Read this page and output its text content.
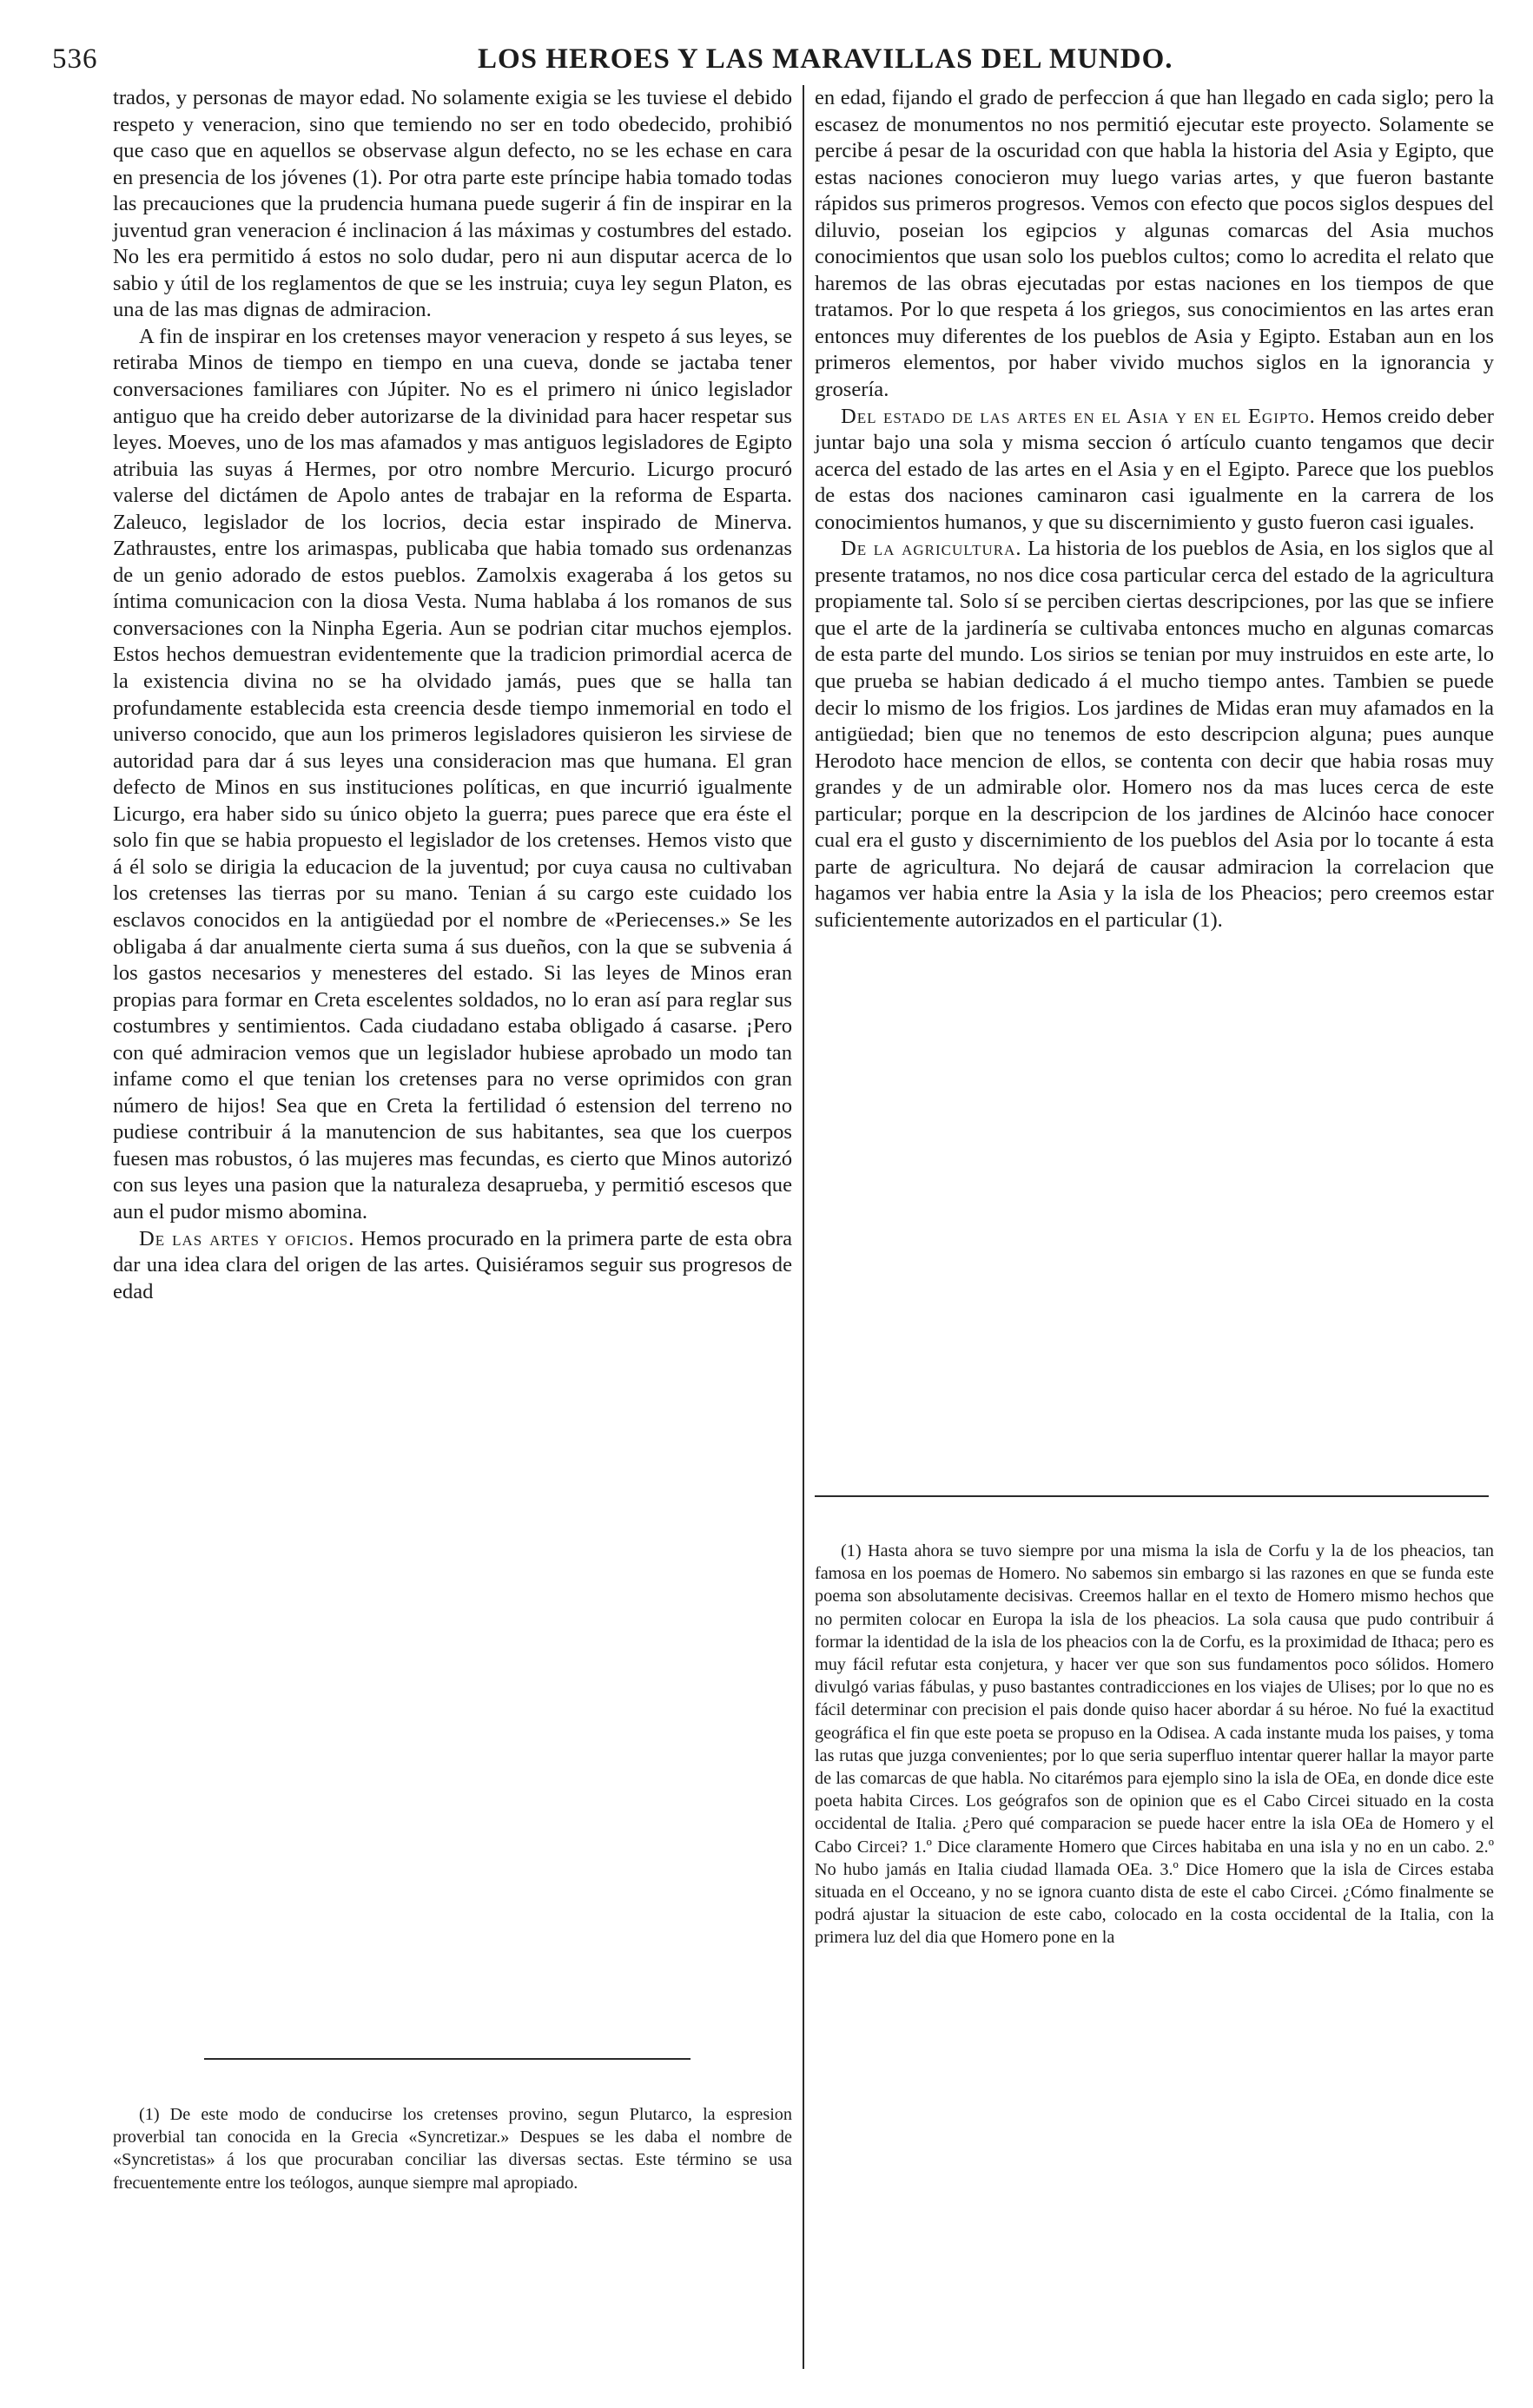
536	LOS HEROES Y LAS MARAVILLAS DEL MUNDO.

trados, y personas de mayor edad. No solamente exigia se les tuviese el debido respeto y veneracion, sino que temiendo no ser en todo obedecido, prohibió que caso que en aquellos se observase algun defecto, no se les echase en cara en presencia de los jóvenes (1). Por otra parte este príncipe habia tomado todas las precauciones que la prudencia humana puede sugerir á fin de inspirar en la juventud gran veneracion é inclinacion á las máximas y costumbres del estado. No les era permitido á estos no solo dudar, pero ni aun disputar acerca de lo sabio y útil de los reglamentos de que se les instruia; cuya ley segun Platon, es una de las mas dignas de admiracion.

A fin de inspirar en los cretenses mayor veneracion y respeto á sus leyes, se retiraba Minos de tiempo en tiempo en una cueva, donde se jactaba tener conversaciones familiares con Júpiter. No es el primero ni único legislador antiguo que ha creido deber autorizarse de la divinidad para hacer respetar sus leyes. Moeves, uno de los mas afamados y mas antiguos legisladores de Egipto atribuia las suyas á Hermes, por otro nombre Mercurio. Licurgo procuró valerse del dictámen de Apolo antes de trabajar en la reforma de Esparta. Zaleuco, legislador de los locrios, decia estar inspirado de Minerva. Zathraustes, entre los arimaspas, publicaba que habia tomado sus ordenanzas de un genio adorado de estos pueblos. Zamolxis exageraba á los getos su íntima comunicacion con la diosa Vesta. Numa hablaba á los romanos de sus conversaciones con la Ninpha Egeria. Aun se podrian citar muchos ejemplos. Estos hechos demuestran evidentemente que la tradicion primordial acerca de la existencia divina no se ha olvidado jamás, pues que se halla tan profundamente establecida esta creencia desde tiempo inmemorial en todo el universo conocido, que aun los primeros legisladores quisieron les sirviese de autoridad para dar á sus leyes una consideracion mas que humana. El gran defecto de Minos en sus instituciones políticas, en que incurrió igualmente Licurgo, era haber sido su único objeto la guerra; pues parece que era éste el solo fin que se habia propuesto el legislador de los cretenses. Hemos visto que á él solo se dirigia la educacion de la juventud; por cuya causa no cultivaban los cretenses las tierras por su mano. Tenian á su cargo este cuidado los esclavos conocidos en la antigüedad por el nombre de «Periecenses.» Se les obligaba á dar anualmente cierta suma á sus dueños, con la que se subvenia á los gastos necesarios y menesteres del estado. Si las leyes de Minos eran propias para formar en Creta escelentes soldados, no lo eran así para reglar sus costumbres y sentimientos. Cada ciudadano estaba obligado á casarse. ¡Pero con qué admiracion vemos que un legislador hubiese aprobado un modo tan infame como el que tenian los cretenses para no verse oprimidos con gran número de hijos! Sea que en Creta la fertilidad ó estension del terreno no pudiese contribuir á la manutencion de sus habitantes, sea que los cuerpos fuesen mas robustos, ó las mujeres mas fecundas, es cierto que Minos autorizó con sus leyes una pasion que la naturaleza desaprueba, y permitió escesos que aun el pudor mismo abomina.

De las artes y oficios. Hemos procurado en la primera parte de esta obra dar una idea clara del origen de las artes. Quisiéramos seguir sus progresos de edad

en edad, fijando el grado de perfeccion á que han llegado en cada siglo; pero la escasez de monumentos no nos permitió ejecutar este proyecto. Solamente se percibe á pesar de la oscuridad con que habla la historia del Asia y Egipto, que estas naciones conocieron muy luego varias artes, y que fueron bastante rápidos sus primeros progresos. Vemos con efecto que pocos siglos despues del diluvio, poseian los egipcios y algunas comarcas del Asia muchos conocimientos que usan solo los pueblos cultos; como lo acredita el relato que haremos de las obras ejecutadas por estas naciones en los tiempos de que tratamos. Por lo que respeta á los griegos, sus conocimientos en las artes eran entonces muy diferentes de los pueblos de Asia y Egipto. Estaban aun en los primeros elementos, por haber vivido muchos siglos en la ignorancia y grosería.

Del estado de las artes en el Asia y en el Egipto. Hemos creido deber juntar bajo una sola y misma seccion ó artículo cuanto tengamos que decir acerca del estado de las artes en el Asia y en el Egipto. Parece que los pueblos de estas dos naciones caminaron casi igualmente en la carrera de los conocimientos humanos, y que su discernimiento y gusto fueron casi iguales.

De la agricultura. La historia de los pueblos de Asia, en los siglos que al presente tratamos, no nos dice cosa particular cerca del estado de la agricultura propiamente tal. Solo sí se perciben ciertas descripciones, por las que se infiere que el arte de la jardinería se cultivaba entonces mucho en algunas comarcas de esta parte del mundo. Los sirios se tenian por muy instruidos en este arte, lo que prueba se habian dedicado á el mucho tiempo antes. Tambien se puede decir lo mismo de los frigios. Los jardines de Midas eran muy afamados en la antigüedad; bien que no tenemos de esto descripcion alguna; pues aunque Herodoto hace mencion de ellos, se contenta con decir que habia rosas muy grandes y de un admirable olor. Homero nos da mas luces cerca de este particular; porque en la descripcion de los jardines de Alcinóo hace conocer cual era el gusto y discernimiento de los pueblos del Asia por lo tocante á esta parte de agricultura. No dejará de causar admiracion la correlacion que hagamos ver habia entre la Asia y la isla de los Pheacios; pero creemos estar suficientemente autorizados en el particular (1).

(1) Hasta ahora se tuvo siempre por una misma la isla de Corfu y la de los pheacios, tan famosa en los poemas de Homero. No sabemos sin embargo si las razones en que se funda este poema son absolutamente decisivas. Creemos hallar en el texto de Homero mismo hechos que no permiten colocar en Europa la isla de los pheacios. La sola causa que pudo contribuir á formar la identidad de la isla de los pheacios con la de Corfu, es la proximidad de Ithaca; pero es muy fácil refutar esta conjetura, y hacer ver que son sus fundamentos poco sólidos. Homero divulgó varias fábulas, y puso bastantes contradicciones en los viajes de Ulises; por lo que no es fácil determinar con precision el pais donde quiso hacer abordar á su héroe. No fué la exactitud geográfica el fin que este poeta se propuso en la Odisea. A cada instante muda los paises, y toma las rutas que juzga convenientes; por lo que seria superfluo intentar querer hallar la mayor parte de las comarcas de que habla. No citarémos para ejemplo sino la isla de OEa, en donde dice este poeta habita Circes. Los geógrafos son de opinion que es el Cabo Circei situado en la costa occidental de Italia. ¿Pero qué comparacion se puede hacer entre la isla OEa de Homero y el Cabo Circei? 1.º Dice claramente Homero que Circes habitaba en una isla y no en un cabo. 2.º No hubo jamás en Italia ciudad llamada OEa. 3.º Dice Homero que la isla de Circes estaba situada en el Occeano, y no se ignora cuanto dista de este el cabo Circei. ¿Cómo finalmente se podrá ajustar la situacion de este cabo, colocado en la costa occidental de la Italia, con la primera luz del dia que Homero pone en la

(1) De este modo de conducirse los cretenses provino, segun Plutarco, la espresion proverbial tan conocida en la Grecia «Syncretizar.» Despues se les daba el nombre de «Syncretistas» á los que procuraban conciliar las diversas sectas. Este término se usa frecuentemente entre los teólogos, aunque siempre mal apropiado.
